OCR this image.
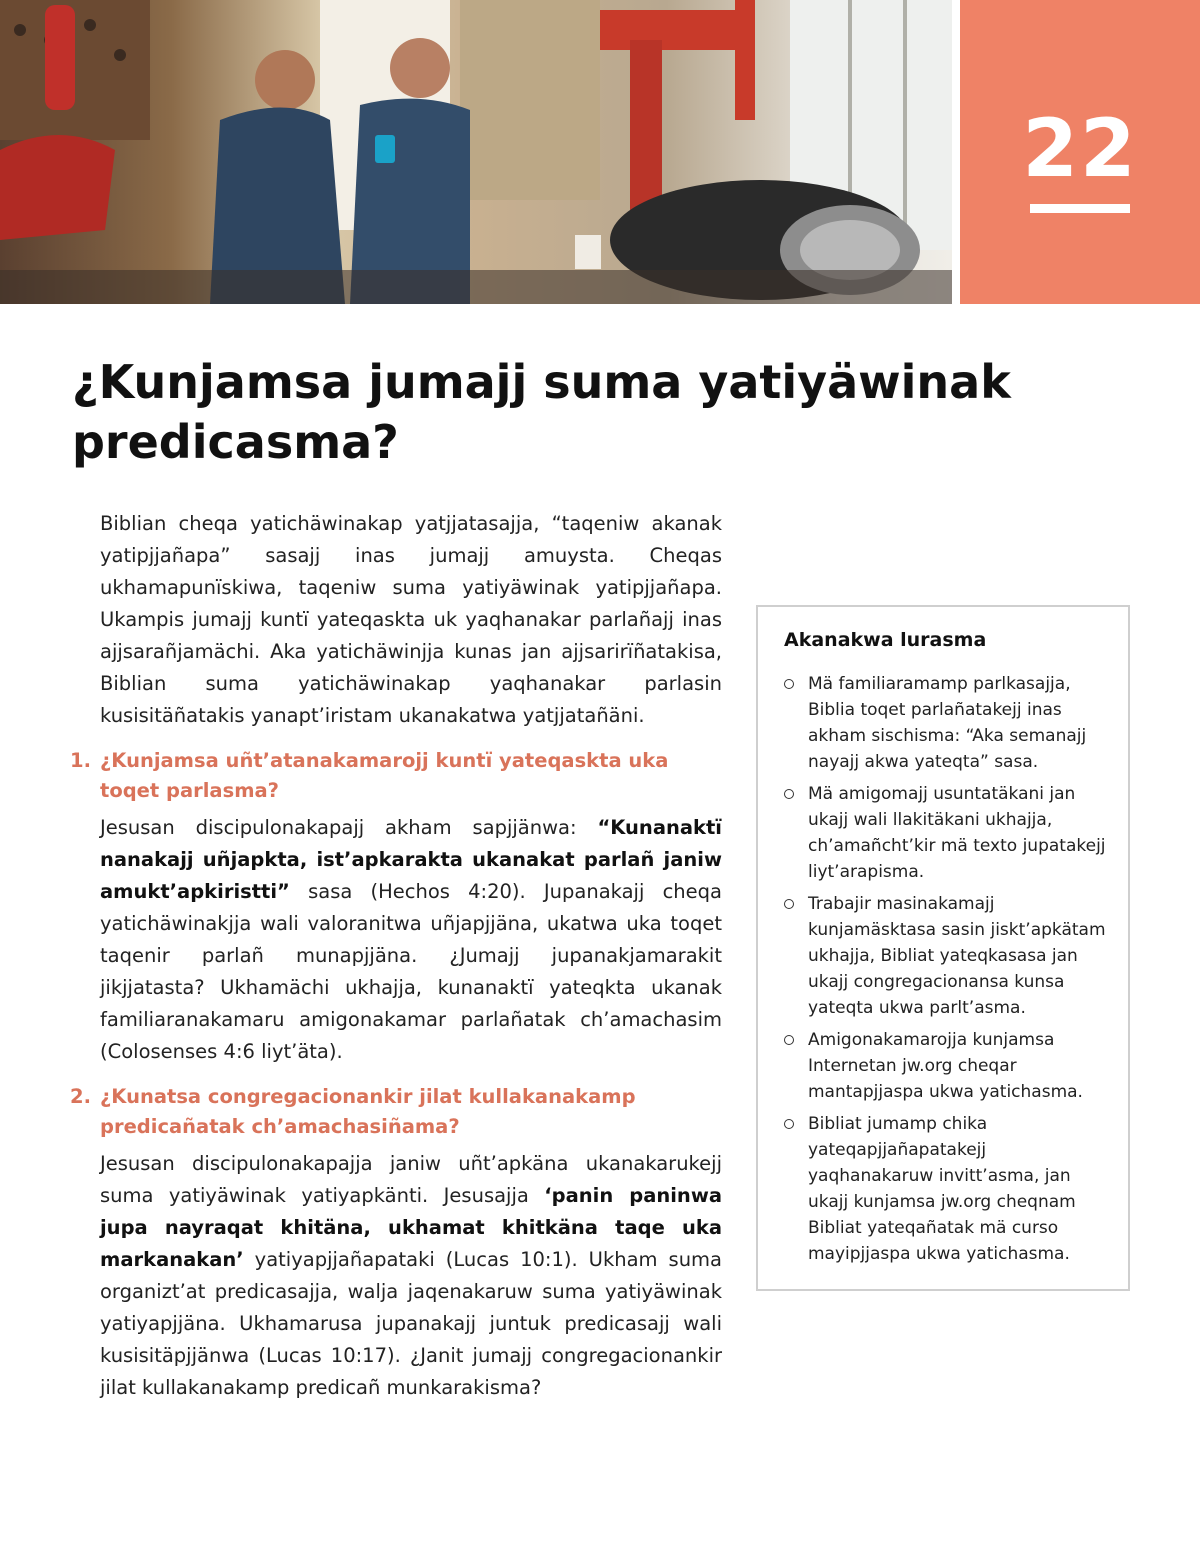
22
¿Kunjamsa jumajj suma yatiyäwinak
predicasma?

Biblian cheqa yatichäwinakap yatjjatasajja, “taqeniw akanak yatipjjañapa” sasajj inas jumajj amuysta. Cheqas ukhamapunïskiwa, taqeniw suma yatiyäwinak yatipjjañapa. Ukampis jumajj kuntï yateqaskta uk yaqhanakar parlañajj inas ajjsarañjamächi. Aka yatichäwinjja kunas jan ajjsarirïñatakisa, Biblian suma yatichäwinakap yaqhanakar parlasin kusisitäñatakis yanapt’iristam ukanakatwa yatjjatañäni.

1. ¿Kunjamsa uñt’atanakamarojj kuntï yateqaskta uka toqet parlasma?

Jesusan discipulonakapajj akham sapjjänwa: “Kunanaktï nanakajj uñjapkta, ist’apkarakta ukanakat parlañ janiw amukt’apkiristti” sasa (Hechos 4:20). Jupanakajj cheqa yatichäwinakjja wali valoranitwa uñjapjjäna, ukatwa uka toqet taqenir parlañ munapjjäna. ¿Jumajj jupanakjamarakit jikjjatasta? Ukhamächi ukhajja, kunanaktï yateqkta ukanak familiaranakamaru amigonakamar parlañatak ch’amachasim (Colosenses 4:6 liyt’äta).

2. ¿Kunatsa congregacionankir jilat kullakanakamp predicañatak ch’amachasiñama?

Jesusan discipulonakapajja janiw uñt’apkäna ukanakarukejj suma yatiyäwinak yatiyapkänti. Jesusajja ‘panin paninwa jupa nayraqat khitäna, ukhamat khitkäna taqe uka markanakan’ yatiyapjjañapataki (Lucas 10:1). Ukham suma organizt’at predicasajja, walja jaqenakaruw suma yatiyäwinak yatiyapjjäna. Ukhamarusa jupanakajj juntuk predicasajj wali kusisitäpjjänwa (Lucas 10:17). ¿Janit jumajj congregacionankir jilat kullakanakamp predicañ munkarakisma?

Akanakwa lurasma
Mä familiaramamp parlkasajja, Biblia toqet parlañatakejj inas akham sischisma: “Aka semanajj nayajj akwa yateqta” sasa.
Mä amigomajj usuntatäkani jan ukajj wali llakitäkani ukhajja, ch’amañcht’kir mä texto jupatakejj liyt’arapisma.
Trabajir masinakamajj kunjamäsktasa sasin jiskt’apkätam ukhajja, Bibliat yateqkasasa jan ukajj congregacionansa kunsa yateqta ukwa parlt’asma.
Amigonakamarojja kunjamsa Internetan jw.org cheqar mantapjjaspa ukwa yatichasma.
Bibliat jumamp chika yateqapjjañapatakejj yaqhanakaruw invitt’asma, jan ukajj kunjamsa jw.org cheqnam Bibliat yateqañatak mä curso mayipjjaspa ukwa yatichasma.
